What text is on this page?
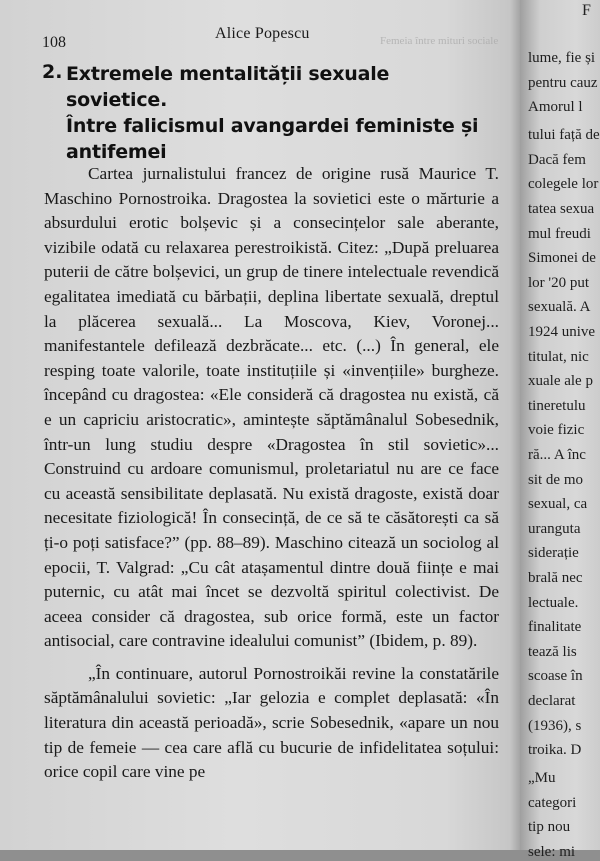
Femeia între mituri sociale
108
Alice Popescu
2. Extremele mentalității sexuale sovietice.
Între falicismul avangardei feministe și
antifemei

Cartea jurnalistului francez de origine rusă Maurice T. Maschino Pornostroika. Dragostea la sovietici este o mărturie a absurdului erotic bolșevic și a consecințelor sale aberante, vizibile odată cu relaxarea perestroikistă. Citez: „După preluarea puterii de către bolșevici, un grup de tinere intelectuale revendică egalitatea imediată cu bărbații, deplina libertate sexuală, dreptul la plăcerea sexuală... La Moscova, Kiev, Voronej... manifestantele defilează dezbrăcate... etc. (...) În general, ele resping toate valorile, toate instituțiile și «invențiile» burgheze. începând cu dragostea: «Ele consideră că dragostea nu există, că e un capriciu aristocratic», amintește săptămânalul Sobesednik, într-un lung studiu despre «Dragostea în stil sovietic»... Construind cu ardoare comunismul, proletariatul nu are ce face cu această sensibilitate deplasată. Nu există dragoste, există doar necesitate fiziologică! În consecință, de ce să te căsătorești ca să ți-o poți satisface?” (pp. 88–89). Maschino citează un sociolog al epocii, T. Valgrad: „Cu cât atașamentul dintre două ființe e mai puternic, cu atât mai încet se dezvoltă spiritul colectivist. De aceea consider că dragostea, sub orice formă, este un factor antisocial, care contravine idealului comunist” (Ibidem, p. 89).

„În continuare, autorul Pornostroikăi revine la constatările săptămânalului sovietic: „Iar gelozia e complet deplasată: «În literatura din această perioadă», scrie Sobesednik, «apare un nou tip de femeie — cea care află cu bucurie de infidelitatea soțului: orice copil care vine pe

F
lume, fie și
pentru cauz
Amorul l
tului față de
Dacă fem
colegele lor
tatea sexua
mul freudi
Simonei de
lor '20 put
sexuală. A
1924 unive
titulat, nic
xuale ale p
tineretulu
voie fizic
ră... A înc
sit de mo
sexual, ca
uranguta
siderație
brală nec
lectuale.
finalitate
tează lis
scoase în
declarat
(1936), s
troika. D
„Mu
categori
tip nou
sele: mi
